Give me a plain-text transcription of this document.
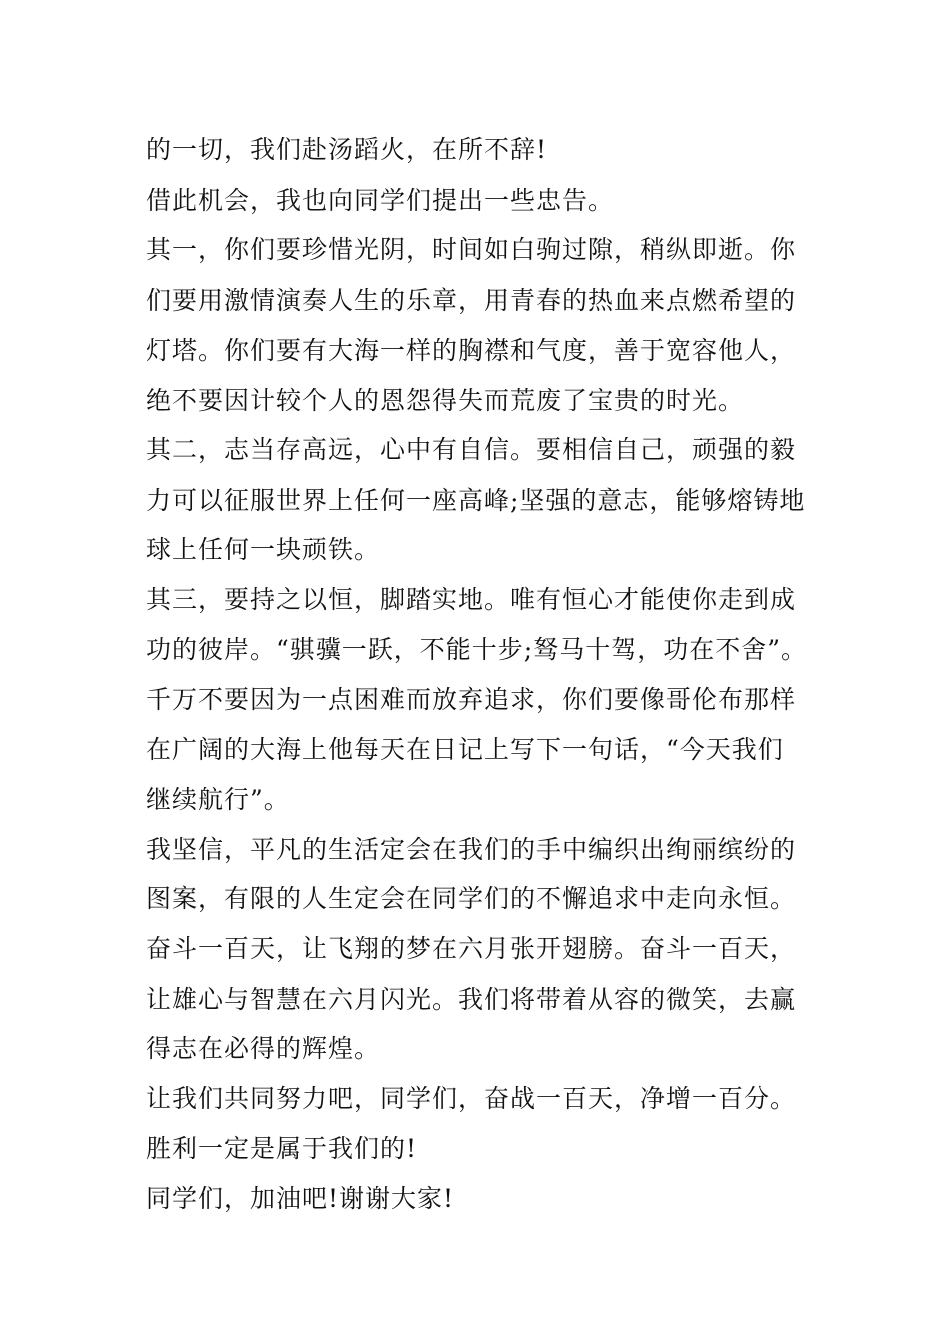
的一切，我们赴汤蹈火，在所不辞!
借此机会，我也向同学们提出一些忠告。
其一，你们要珍惜光阴，时间如白驹过隙，稍纵即逝。你
们要用激情演奏人生的乐章，用青春的热血来点燃希望的
灯塔。你们要有大海一样的胸襟和气度，善于宽容他人，
绝不要因计较个人的恩怨得失而荒废了宝贵的时光。
其二，志当存高远，心中有自信。要相信自己，顽强的毅
力可以征服世界上任何一座高峰;坚强的意志，能够熔铸地
球上任何一块顽铁。
其三，要持之以恒，脚踏实地。唯有恒心才能使你走到成
功的彼岸。“骐骥一跃，不能十步;驽马十驾，功在不舍”。
千万不要因为一点困难而放弃追求，你们要像哥伦布那样
在广阔的大海上他每天在日记上写下一句话，“今天我们
继续航行”。
我坚信，平凡的生活定会在我们的手中编织出绚丽缤纷的
图案，有限的人生定会在同学们的不懈追求中走向永恒。
奋斗一百天，让飞翔的梦在六月张开翅膀。奋斗一百天，
让雄心与智慧在六月闪光。我们将带着从容的微笑，去赢
得志在必得的辉煌。
让我们共同努力吧，同学们，奋战一百天，净增一百分。
胜利一定是属于我们的!
同学们，加油吧!谢谢大家!
